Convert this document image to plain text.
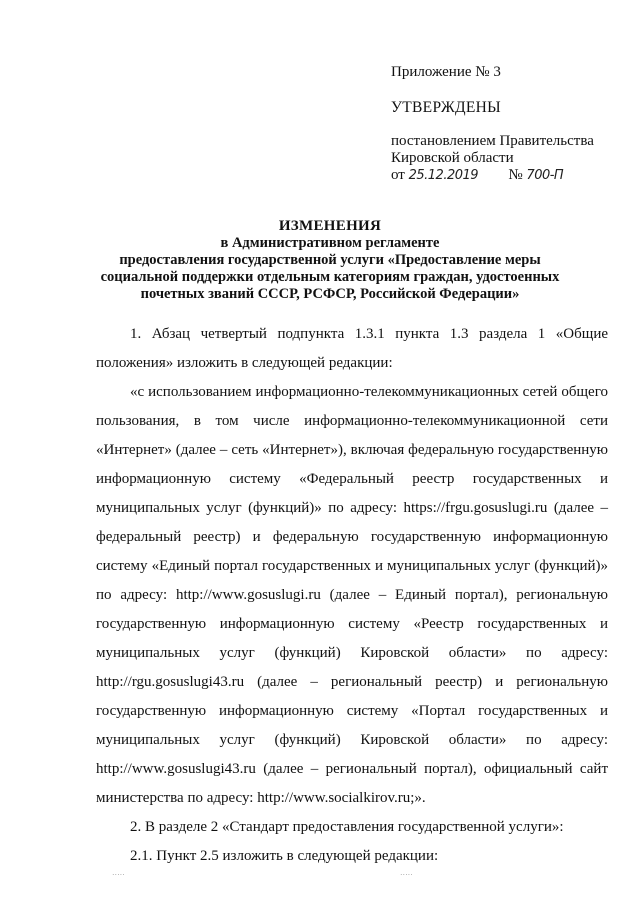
Приложение № 3
УТВЕРЖДЕНЫ
постановлением Правительства
Кировской области
от 25.12.2019 № 700-П
ИЗМЕНЕНИЯ
в Административном регламенте
предоставления государственной услуги «Предоставление меры
социальной поддержки отдельным категориям граждан, удостоенных
почетных званий СССР, РСФСР, Российской Федерации»

1. Абзац четвертый подпункта 1.3.1 пункта 1.3 раздела 1 «Общие положения» изложить в следующей редакции:

«с использованием информационно-телекоммуникационных сетей общего пользования, в том числе информационно-телекоммуникационной сети «Интернет» (далее – сеть «Интернет»), включая федеральную государственную информационную систему «Федеральный реестр государственных и муниципальных услуг (функций)» по адресу: https://frgu.gosuslugi.ru (далее – федеральный реестр) и федеральную государственную информационную систему «Единый портал государственных и муниципальных услуг (функций)» по адресу: http://www.gosuslugi.ru (далее – Единый портал), региональную государственную информационную систему «Реестр государственных и муниципальных услуг (функций) Кировской области» по адресу: http://rgu.gosuslugi43.ru (далее – региональный реестр) и региональную государственную информационную систему «Портал государственных и муниципальных услуг (функций) Кировской области» по адресу: http://www.gosuslugi43.ru (далее – региональный портал), официальный сайт министерства по адресу: http://www.socialkirov.ru;».

2. В разделе 2 «Стандарт предоставления государственной услуги»:

2.1. Пункт 2.5 изложить в следующей редакции:

.....	.....
